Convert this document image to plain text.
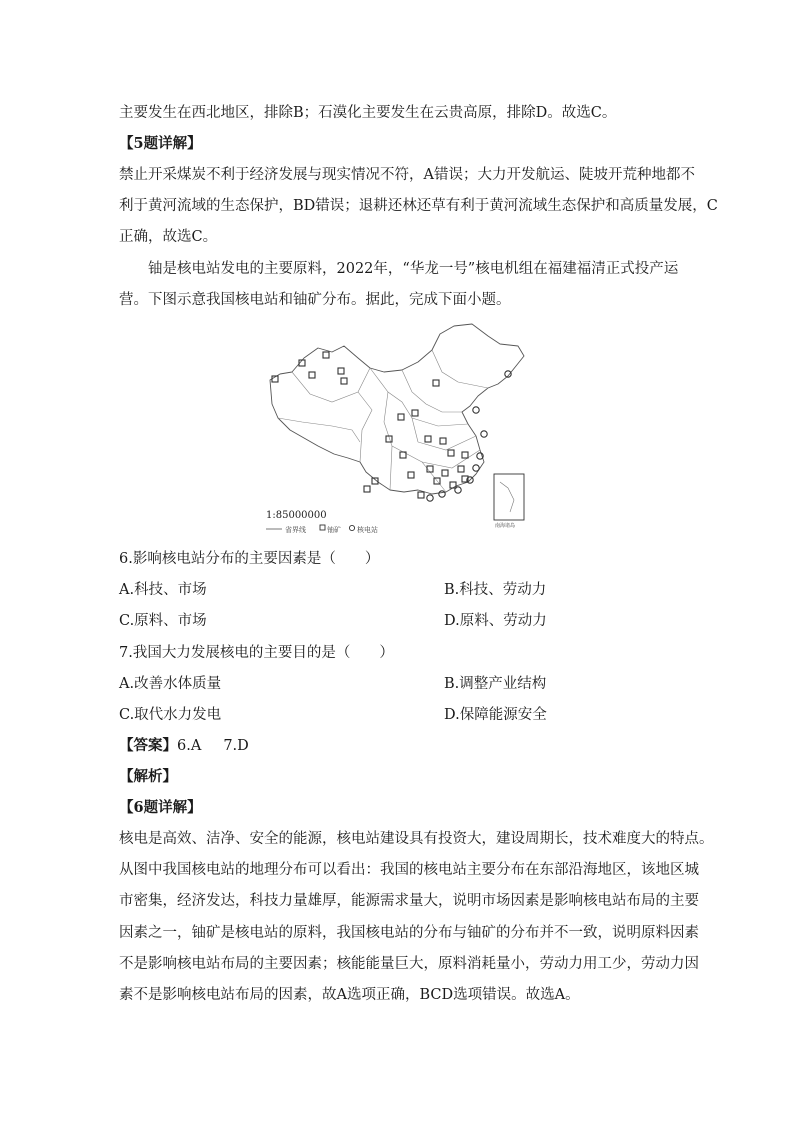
主要发生在西北地区，排除B；石漠化主要发生在云贵高原，排除D。故选C。
【5题详解】
禁止开采煤炭不利于经济发展与现实情况不符，A错误；大力开发航运、陡坡开荒种地都不
利于黄河流域的生态保护，BD错误；退耕还林还草有利于黄河流域生态保护和高质量发展，C
正确，故选C。
铀是核电站发电的主要原料，2022年，“华龙一号”核电机组在福建福清正式投产运
营。下图示意我国核电站和铀矿分布。据此，完成下面小题。
1:85000000
省界线	铀矿 核电站	南海诸岛
6.影响核电站分布的主要因素是（　　）
A.科技、市场	B.科技、劳动力
C.原料、市场	D.原料、劳动力
7.我国大力发展核电的主要目的是（　　）
A.改善水体质量	B.调整产业结构
C.取代水力发电	D.保障能源安全
【答案】6.A 7.D
【解析】
【6题详解】
核电是高效、洁净、安全的能源，核电站建设具有投资大，建设周期长，技术难度大的特点。
从图中我国核电站的地理分布可以看出：我国的核电站主要分布在东部沿海地区，该地区城
市密集，经济发达，科技力量雄厚，能源需求量大，说明市场因素是影响核电站布局的主要
因素之一，铀矿是核电站的原料，我国核电站的分布与铀矿的分布并不一致，说明原料因素
不是影响核电站布局的主要因素；核能能量巨大，原料消耗量小，劳动力用工少，劳动力因
素不是影响核电站布局的因素，故A选项正确，BCD选项错误。故选A。
